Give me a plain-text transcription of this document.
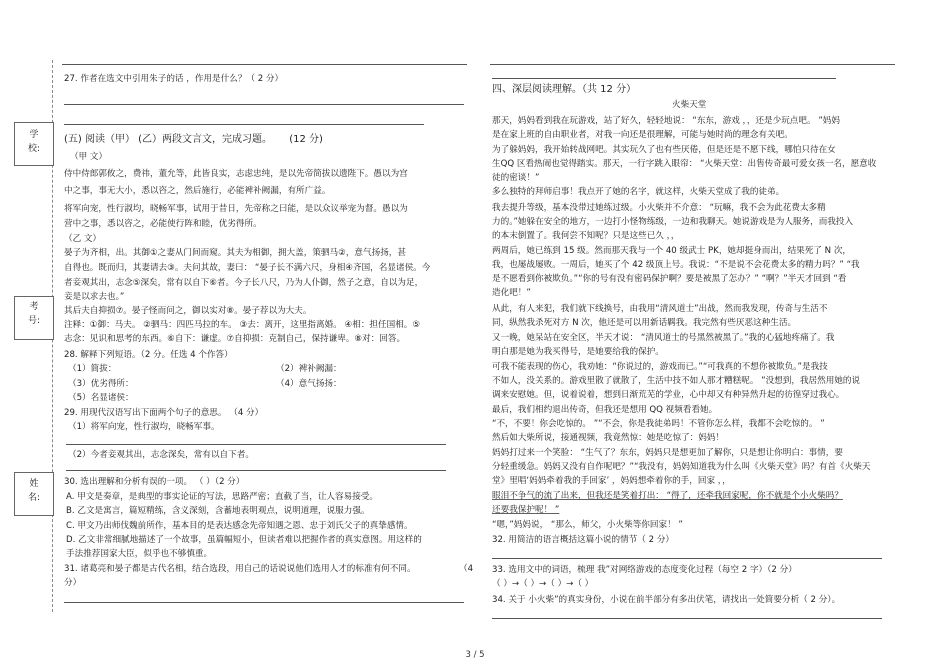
学
校:
考
号:
姓
名:
27. 作者在选文中引用朱子的话 ，作用是什么？（ 2 分）
(五) 阅读（甲） (乙）两段文言文，完成习题。 (12 分)
（甲 文）
侍中侍郎郭攸之，费祎，董允等，此皆良实，志虑忠纯，是以先帝简拔以遗陛下。愚以为宫
中之事，事无大小，悉以咨之，然后施行，必能裨补阙漏，有所广益。
将军向宠，性行淑均，晓畅军事，试用于昔日，先帝称之曰能，是以众议举宠为督。愚以为
营中之事，悉以咨之，必能使行阵和睦，优劣得所。
（乙 文）
晏子为齐相，出。其御①之妻从门间而窥。其夫为相御，拥大盖，策驷马②，意气扬扬，甚
自得也。既而归，其妻请去③。夫问其故，妻曰： “晏子长不满六尺，身相④齐国，名显诸侯。今
者妾观其出，志念⑤深矣，常有以自下⑥者。今子长八尺，乃为人仆御，然子之意，自以为足，
妾是以求去也。”
其后夫自抑损⑦。晏子怪而问之，御以实对⑧。晏子荐以为大夫。
注释：①御：马夫。 ②驷马：四匹马拉的车。 ③去：离开，这里指离婚。 ④相：担任国相。⑤
志念：见识和思考的东西。⑥自下：谦虚。⑦自抑损：克制自己，保持谦卑。⑧对：回答。
28. 解释下列短语。（2 分。任选 4 个作答）
（1）简拔：	（2）裨补阙漏：
（3）优劣得所：	（4）意气扬扬：
（5）名显诸侯：
29. 用现代汉语写出下面两个句子的意思。 （4 分）
（1）将军向宠，性行淑均，晓畅军事。
（2）今者妾观其出，志念深矣，常有以自下者。
30. 选出理解和分析有误的一项。 （ ）（2 分）
A. 甲文是奏章，是典型的事实论证的写法，思路严密；直截了当，让人容易接受。
B. 乙文是寓言，篇短精练，含义深刻，含蓄地表明观点，说明道理，说服力强。
C. 甲文乃出师伐魏前所作，基本目的是表达感念先帝知遇之恩、忠于刘氏父子的真挚感情。
D. 乙文非常细腻地描述了一个故事，虽篇幅短小，但读者难以把握作者的真实意图。用这样的
手法推荐国家大臣，似乎也不够慎重。
31. 诸葛亮和晏子都是古代名相，结合选段，用自己的话说说他们选用人才的标准有何不同。	（4
分）
四、深层阅读理解。（共 12 分）
火柴天堂
那天，妈妈看到我在玩游戏，站了好久，轻轻地说： “东东，游戏 ，，还是少玩点吧。 ”妈妈
是在家上班的自由职业者，对我一向还是很理解，可能与她时尚的理念有关吧。
为了躲妈妈，我开始转战网吧。其实玩久了也有些厌倦，但是还是不愿下线，哪怕只待在女
生QQ 区看热闹也觉得踏实。那天，一行字跳入眼帘： “火柴天堂：出售传奇最可爱女孩一名，愿意收
徒的密谈！”
多么独特的拜师启事！我点开了她的名字，就这样，火柴天堂成了我的徒弟。
我去提升等级，基本没带过她练过级。小火柴并不介意： “玩嘛，我不会为此花费太多精
力的。”她躲在安全的地方，一边打小怪物练级，一边和我聊天。她说游戏是为人服务，而我投入
的本末倒置了。我何尝不知呢？只是这些已久 ，，
两周后，她已练到 15 级。然而那天我与一个 40 级武士 PK，她却挺身而出，结果死了 N 次，
我，也屡战屡败。一周后，她买了个 42 级顶上号。我说：“不是说不会花费太多的精力吗？” “我
是不愿看到你被欺负。”“你的号有没有密码保护啊？要是被黑了怎办？” “啊？”半天才回到 “看
造化吧！”
从此，有人来犯，我们就下线换号，由我用“清风道士”出战，然而我发现，传奇与生活不
同，纵然我杀死对方 N 次，他还是可以用新话羁我。我完然有些厌恶这种生活。
又一晚，她呆站在安全区，半天才说： “清风道士的号黑然被黑了。”我的心猛地疼痛了。我
明白那是她为我买得号，是她要给我的保护。
可我不能表现的伤心，我劝她：“你说过的，游戏而已。”“可我真的不想你被欺负。”是我技
不如人，没关系的。游戏里散了就散了，生活中技不如人那才糟糕呢。 ”没想到，我居然用她的说
调来安慰她。但，说着说着，想到日渐荒芜的学业，心中却又有种异然升起的彷徨穿过我心。
最后，我们相约退出传奇，但我还是想用 QQ 视频看看她。
“不，不要！你会吃惊的。 ”“不会，你是我徒弟吗！不管你怎么样，我都不会吃惊的。 ”
然后如大柴所说，接通视频，我竟然惊：她是吃惊了：妈妈！
妈妈打过来一个笑脸： “生气了？东东，妈妈只是想更加了解你，只是想让你明白：事情，要
分轻重缓急。妈妈又没有自作呢吧？”“我没有，妈妈知道我为什么叫《火柴天堂》吗？有首《火柴天
堂》里唱‘妈妈牵着我的手回家’ ，妈妈想牵着你的手，回家 ，，
眼泪不争气的流了出来，但我还是笑着打出： “得了，还牵我回家呢，你不就是个小火柴吗？
还要我保护呢！ ”
“嗯，”妈妈说， “那么，师父，小火柴等你回家！ ”
32. 用简洁的语言概括这篇小说的情节（ 2 分）
33. 选用文中的词语，梳理 我”对网络游戏的态度变化过程（每空 2 字）（2 分）
（ ）→（ ）→（ ）→（ ）
34. 关于 小火柴”的真实身份，小说在前半部分有多出伏笔，请找出一处简要分析（ 2 分）。
3 / 5
